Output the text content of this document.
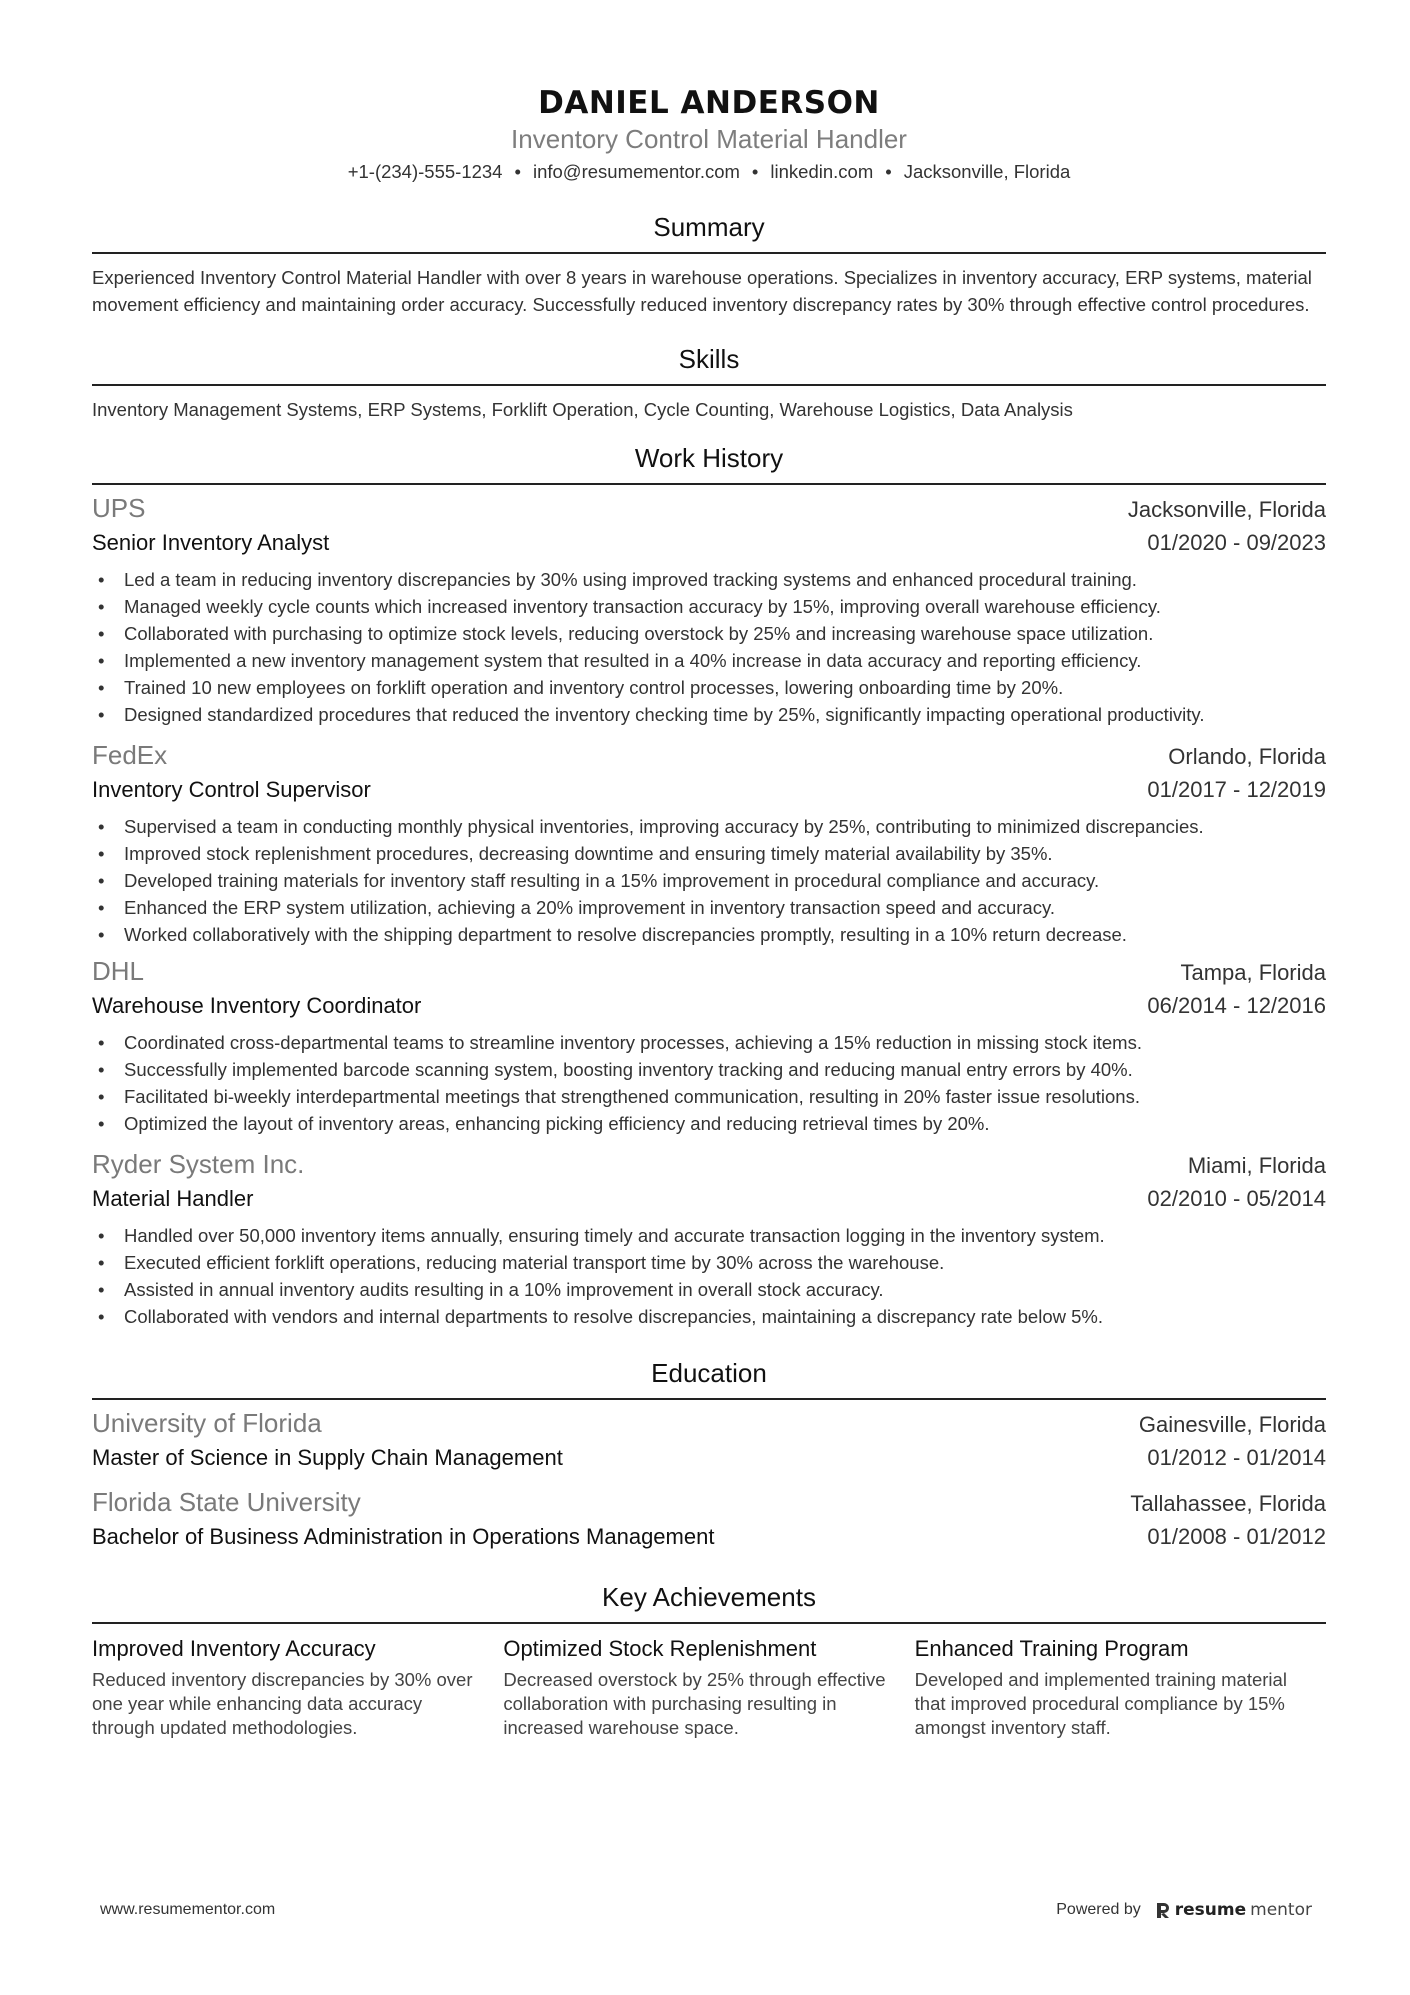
DANIEL ANDERSON
Inventory Control Material Handler
+1-(234)-555-1234 • info@resumementor.com • linkedin.com • Jacksonville, Florida
Summary
Experienced Inventory Control Material Handler with over 8 years in warehouse operations. Specializes in inventory accuracy, ERP systems, material movement efficiency and maintaining order accuracy. Successfully reduced inventory discrepancy rates by 30% through effective control procedures.
Skills
Inventory Management Systems, ERP Systems, Forklift Operation, Cycle Counting, Warehouse Logistics, Data Analysis
Work History
UPS	Jacksonville, Florida
Senior Inventory Analyst	01/2020 - 09/2023
• Led a team in reducing inventory discrepancies by 30% using improved tracking systems and enhanced procedural training.
• Managed weekly cycle counts which increased inventory transaction accuracy by 15%, improving overall warehouse efficiency.
• Collaborated with purchasing to optimize stock levels, reducing overstock by 25% and increasing warehouse space utilization.
• Implemented a new inventory management system that resulted in a 40% increase in data accuracy and reporting efficiency.
• Trained 10 new employees on forklift operation and inventory control processes, lowering onboarding time by 20%.
• Designed standardized procedures that reduced the inventory checking time by 25%, significantly impacting operational productivity.
FedEx	Orlando, Florida
Inventory Control Supervisor	01/2017 - 12/2019
• Supervised a team in conducting monthly physical inventories, improving accuracy by 25%, contributing to minimized discrepancies.
• Improved stock replenishment procedures, decreasing downtime and ensuring timely material availability by 35%.
• Developed training materials for inventory staff resulting in a 15% improvement in procedural compliance and accuracy.
• Enhanced the ERP system utilization, achieving a 20% improvement in inventory transaction speed and accuracy.
• Worked collaboratively with the shipping department to resolve discrepancies promptly, resulting in a 10% return decrease.
DHL	Tampa, Florida
Warehouse Inventory Coordinator	06/2014 - 12/2016
• Coordinated cross-departmental teams to streamline inventory processes, achieving a 15% reduction in missing stock items.
• Successfully implemented barcode scanning system, boosting inventory tracking and reducing manual entry errors by 40%.
• Facilitated bi-weekly interdepartmental meetings that strengthened communication, resulting in 20% faster issue resolutions.
• Optimized the layout of inventory areas, enhancing picking efficiency and reducing retrieval times by 20%.
Ryder System Inc.	Miami, Florida
Material Handler	02/2010 - 05/2014
• Handled over 50,000 inventory items annually, ensuring timely and accurate transaction logging in the inventory system.
• Executed efficient forklift operations, reducing material transport time by 30% across the warehouse.
• Assisted in annual inventory audits resulting in a 10% improvement in overall stock accuracy.
• Collaborated with vendors and internal departments to resolve discrepancies, maintaining a discrepancy rate below 5%.
Education
University of Florida	Gainesville, Florida
Master of Science in Supply Chain Management	01/2012 - 01/2014
Florida State University	Tallahassee, Florida
Bachelor of Business Administration in Operations Management	01/2008 - 01/2012
Key Achievements
Improved Inventory Accuracy
Reduced inventory discrepancies by 30% over one year while enhancing data accuracy through updated methodologies.
Optimized Stock Replenishment
Decreased overstock by 25% through effective collaboration with purchasing resulting in increased warehouse space.
Enhanced Training Program
Developed and implemented training material that improved procedural compliance by 15% amongst inventory staff.
www.resumementor.com	Powered by resume mentor
